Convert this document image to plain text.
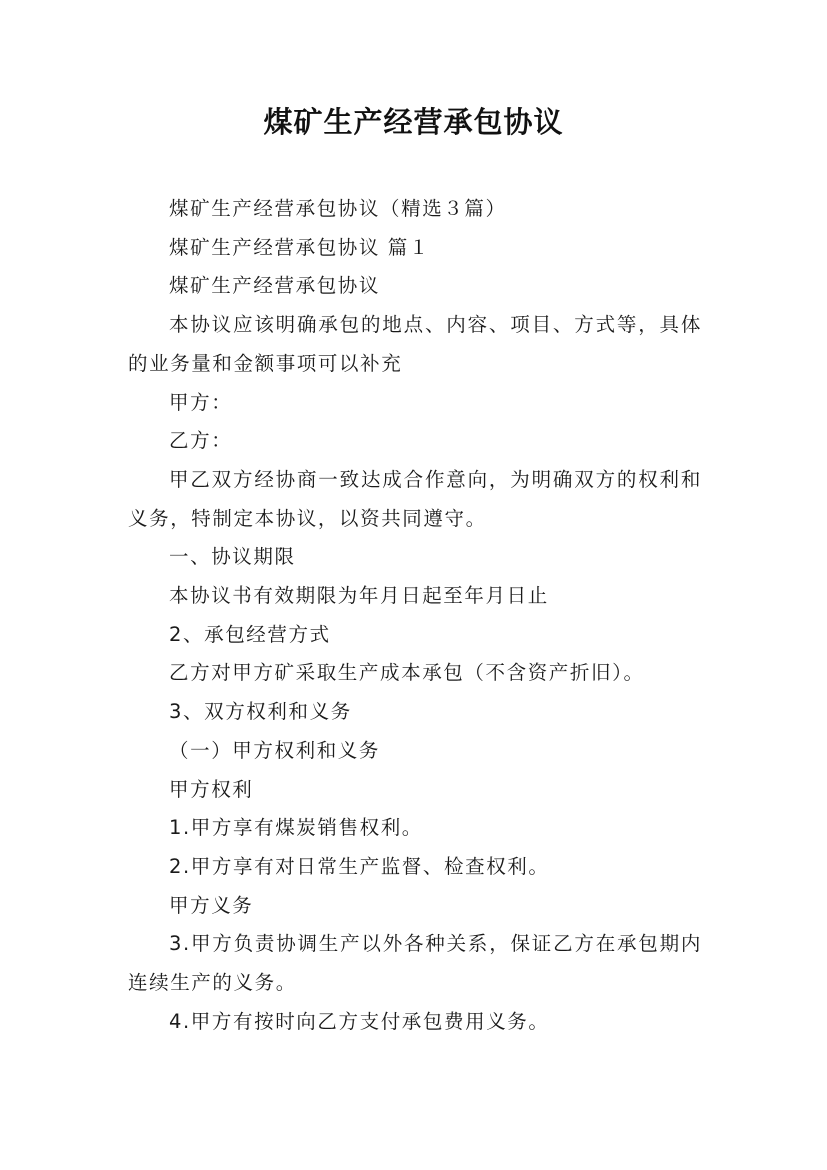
煤矿生产经营承包协议

煤矿生产经营承包协议（精选３篇）

煤矿生产经营承包协议 篇１

煤矿生产经营承包协议

本协议应该明确承包的地点、内容、项目、方式等，具体的业务量和金额事项可以补充

甲方：

乙方：

甲乙双方经协商一致达成合作意向，为明确双方的权利和义务，特制定本协议，以资共同遵守。

一、协议期限

本协议书有效期限为年月日起至年月日止

2、承包经营方式

乙方对甲方矿采取生产成本承包（不含资产折旧）。

3、双方权利和义务

（一）甲方权利和义务

甲方权利

1.甲方享有煤炭销售权利。

2.甲方享有对日常生产监督、检查权利。

甲方义务

3.甲方负责协调生产以外各种关系，保证乙方在承包期内连续生产的义务。

4.甲方有按时向乙方支付承包费用义务。
